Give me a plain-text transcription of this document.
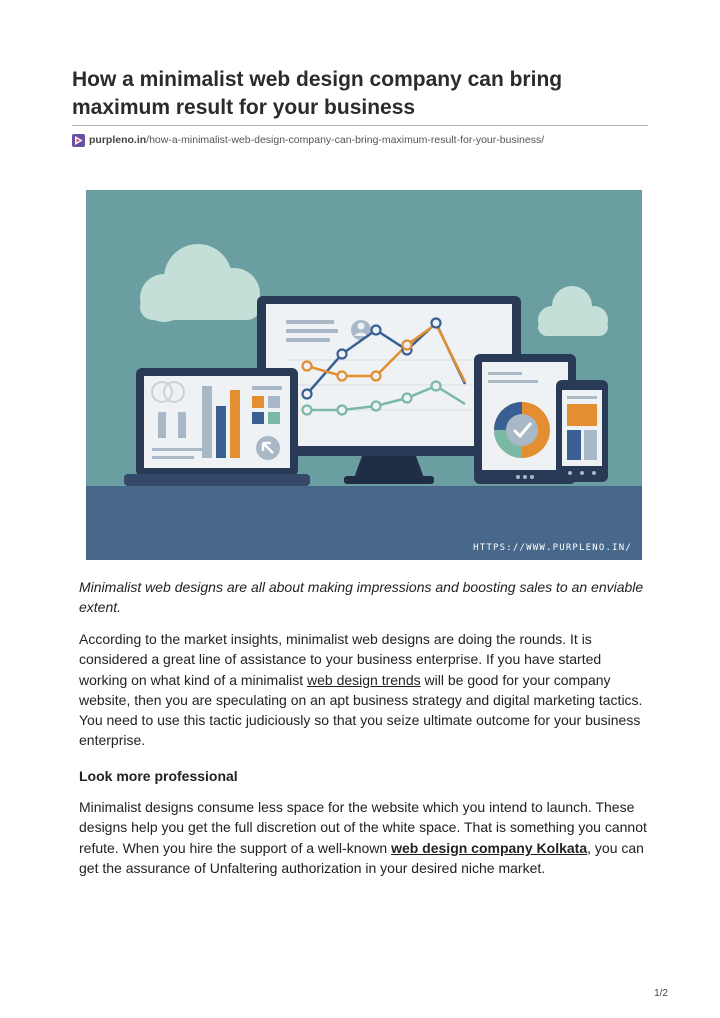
How a minimalist web design company can bring maximum result for your business
purpleno.in /how-a-minimalist-web-design-company-can-bring-maximum-result-for-your-business/
HTTPS://WWW.PURPLENO.IN/

Minimalist web designs are all about making impressions and boosting sales to an enviable extent.

According to the market insights, minimalist web designs are doing the rounds. It is considered a great line of assistance to your business enterprise. If you have started working on what kind of a minimalist web design trends will be good for your company website, then you are speculating on an apt business strategy and digital marketing tactics. You need to use this tactic judiciously so that you seize ultimate outcome for your business enterprise.

Look more professional

Minimalist designs consume less space for the website which you intend to launch. These designs help you get the full discretion out of the white space. That is something you cannot refute. When you hire the support of a well-known web design company Kolkata, you can get the assurance of Unfaltering authorization in your desired niche market.

1/2
